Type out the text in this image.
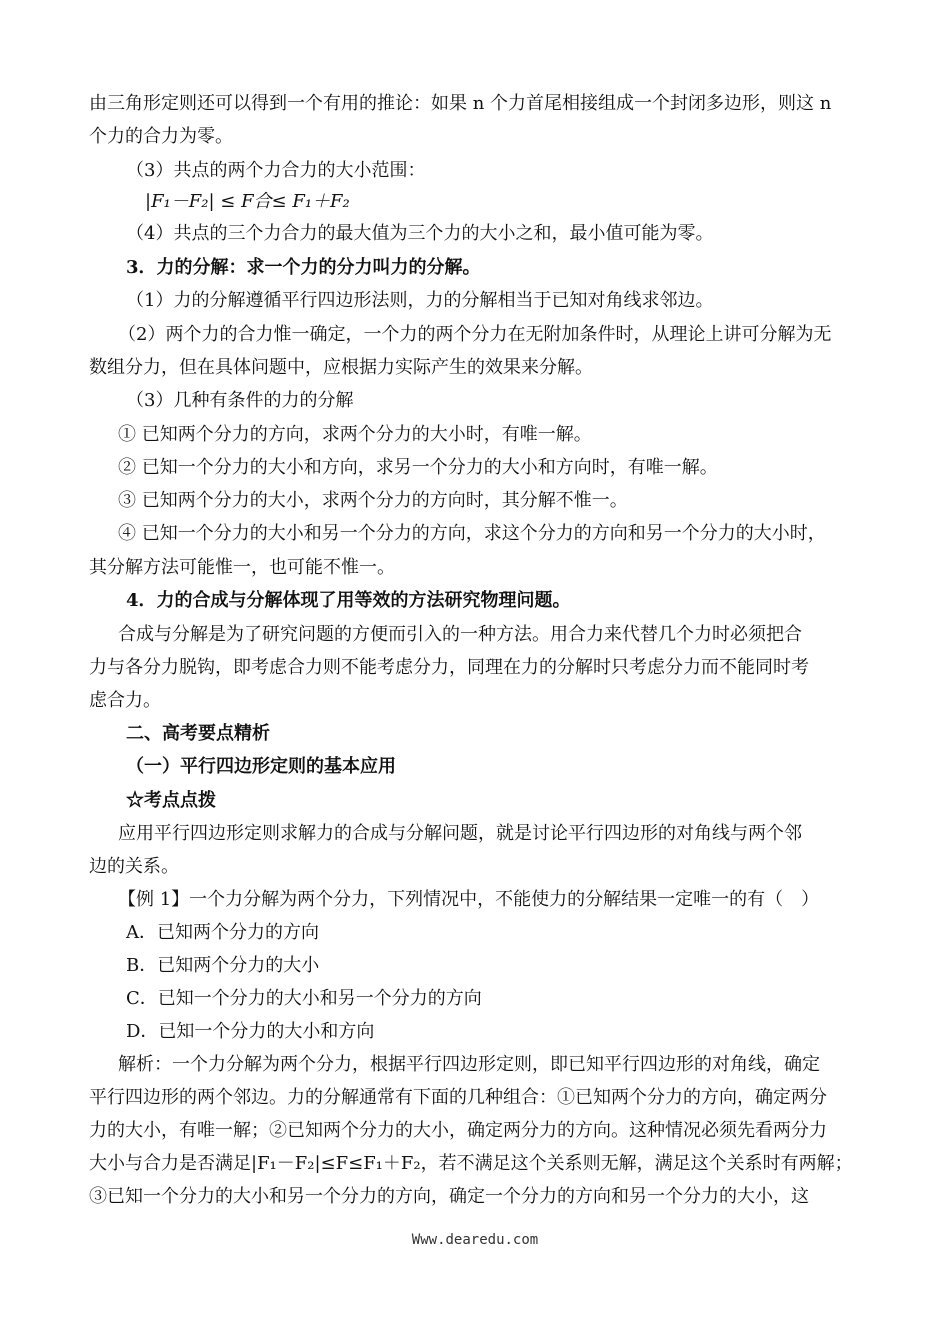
由三角形定则还可以得到一个有用的推论：如果 n 个力首尾相接组成一个封闭多边形，则这 n
个力的合力为零。
（3）共点的两个力合力的大小范围：
|F₁－F₂| ≤ F合≤ F₁＋F₂
（4）共点的三个力合力的最大值为三个力的大小之和，最小值可能为零。
3．力的分解：求一个力的分力叫力的分解。
（1）力的分解遵循平行四边形法则，力的分解相当于已知对角线求邻边。
（2）两个力的合力惟一确定，一个力的两个分力在无附加条件时，从理论上讲可分解为无
数组分力，但在具体问题中，应根据力实际产生的效果来分解。
（3）几种有条件的力的分解
① 已知两个分力的方向，求两个分力的大小时，有唯一解。
② 已知一个分力的大小和方向，求另一个分力的大小和方向时，有唯一解。
③ 已知两个分力的大小，求两个分力的方向时，其分解不惟一。
④ 已知一个分力的大小和另一个分力的方向，求这个分力的方向和另一个分力的大小时，
其分解方法可能惟一，也可能不惟一。
4．力的合成与分解体现了用等效的方法研究物理问题。
合成与分解是为了研究问题的方便而引入的一种方法。用合力来代替几个力时必须把合
力与各分力脱钩，即考虑合力则不能考虑分力，同理在力的分解时只考虑分力而不能同时考
虑合力。
二、高考要点精析
（一）平行四边形定则的基本应用
☆考点点拨
应用平行四边形定则求解力的合成与分解问题，就是讨论平行四边形的对角线与两个邻
边的关系。
【例 1】一个力分解为两个分力，下列情况中，不能使力的分解结果一定唯一的有（　）
A．已知两个分力的方向
B．已知两个分力的大小
C．已知一个分力的大小和另一个分力的方向
D．已知一个分力的大小和方向
解析：一个力分解为两个分力，根据平行四边形定则，即已知平行四边形的对角线，确定
平行四边形的两个邻边。力的分解通常有下面的几种组合：①已知两个分力的方向，确定两分
力的大小，有唯一解；②已知两个分力的大小，确定两分力的方向。这种情况必须先看两分力
大小与合力是否满足|F₁－F₂|≤F≤F₁＋F₂，若不满足这个关系则无解，满足这个关系时有两解；
③已知一个分力的大小和另一个分力的方向，确定一个分力的方向和另一个分力的大小，这
Www.dearedu.com
